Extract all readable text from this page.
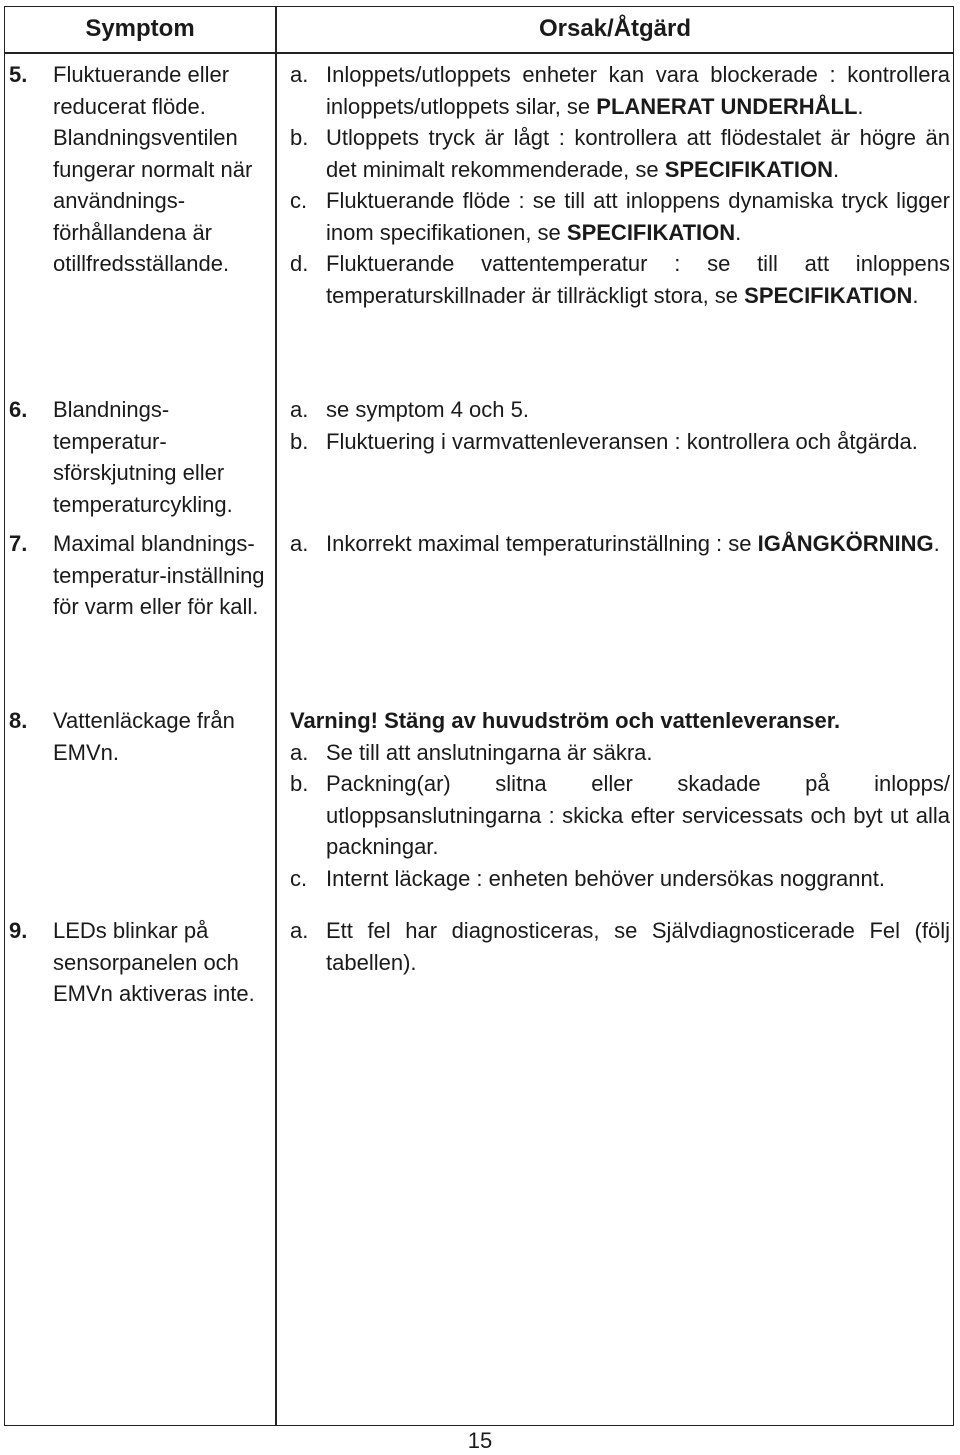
Symptom	Orsak/Åtgärd
5.	Fluktuerande eller reducerat flöde. Blandningsventilen fungerar normalt när användnings-förhållandena är otillfredsställande.
a. Inloppets/utloppets enheter kan vara blockerade : kontrollera inloppets/utloppets silar, se PLANERAT UNDERHÅLL.
b. Utloppets tryck är lågt : kontrollera att flödestalet är högre än det minimalt rekommenderade, se SPECIFIKATION.
c. Fluktuerande flöde : se till att inloppens dynamiska tryck ligger inom specifikationen, se SPECIFIKATION.
d. Fluktuerande vattentemperatur : se till att inloppens temperaturskillnader är tillräckligt stora, se SPECIFIKATION.
6.	Blandnings-temperatur-sförskjutning eller temperaturcykling.
a. se symptom 4 och 5.
b. Fluktuering i varmvattenleveransen : kontrollera och åtgärda.
7.	Maximal blandnings-temperatur-inställning för varm eller för kall.
a. Inkorrekt maximal temperaturinställning : se IGÅNGKÖRNING.
8.	Vattenläckage från EMVn.
Varning! Stäng av huvudström och vattenleveranser.
a. Se till att anslutningarna är säkra.
b. Packning(ar) slitna eller skadade på inlopps/ utloppsanslutningarna : skicka efter servicessats och byt ut alla packningar.
c. Internt läckage : enheten behöver undersökas noggrannt.
9.	LEDs blinkar på sensorpanelen och EMVn aktiveras inte.
a. Ett fel har diagnosticeras, se Självdiagnosticerade Fel (följ tabellen).
15
